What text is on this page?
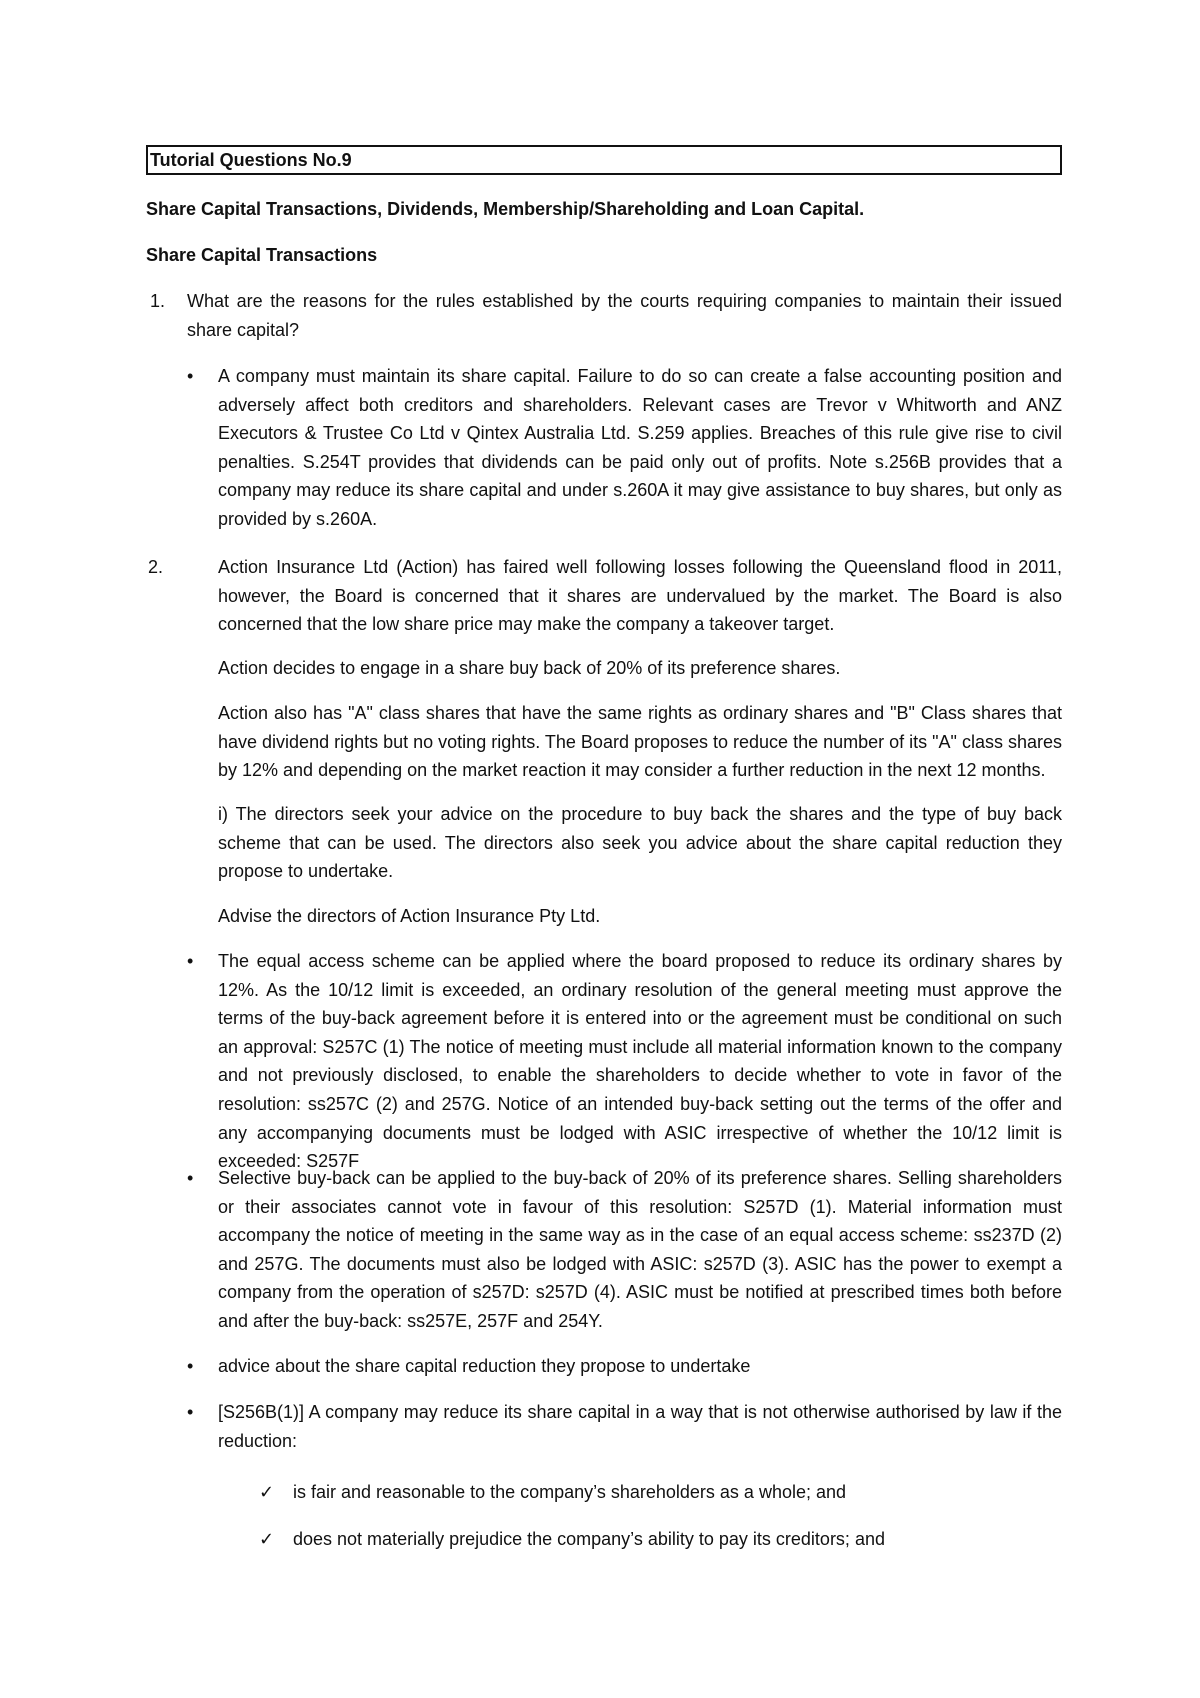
Tutorial Questions No.9
Share Capital Transactions, Dividends, Membership/Shareholding and Loan Capital.
Share Capital Transactions
1. What are the reasons for the rules established by the courts requiring companies to maintain their issued share capital?
• A company must maintain its share capital. Failure to do so can create a false accounting position and adversely affect both creditors and shareholders. Relevant cases are Trevor v Whitworth and ANZ Executors & Trustee Co Ltd v Qintex Australia Ltd. S.259 applies. Breaches of this rule give rise to civil penalties. S.254T provides that dividends can be paid only out of profits. Note s.256B provides that a company may reduce its share capital and under s.260A it may give assistance to buy shares, but only as provided by s.260A.
2.	Action Insurance Ltd (Action) has faired well following losses following the Queensland flood in 2011, however, the Board is concerned that it shares are undervalued by the market. The Board is also concerned that the low share price may make the company a takeover target.
Action decides to engage in a share buy back of 20% of its preference shares.
Action also has "A" class shares that have the same rights as ordinary shares and "B" Class shares that have dividend rights but no voting rights. The Board proposes to reduce the number of its "A" class shares by 12% and depending on the market reaction it may consider a further reduction in the next 12 months.
i) The directors seek your advice on the procedure to buy back the shares and the type of buy back scheme that can be used. The directors also seek you advice about the share capital reduction they propose to undertake.
Advise the directors of Action Insurance Pty Ltd.
• The equal access scheme can be applied where the board proposed to reduce its ordinary shares by 12%. As the 10/12 limit is exceeded, an ordinary resolution of the general meeting must approve the terms of the buy-back agreement before it is entered into or the agreement must be conditional on such an approval: S257C (1) The notice of meeting must include all material information known to the company and not previously disclosed, to enable the shareholders to decide whether to vote in favor of the resolution: ss257C (2) and 257G. Notice of an intended buy-back setting out the terms of the offer and any accompanying documents must be lodged with ASIC irrespective of whether the 10/12 limit is exceeded: S257F
• Selective buy-back can be applied to the buy-back of 20% of its preference shares. Selling shareholders or their associates cannot vote in favour of this resolution: S257D (1). Material information must accompany the notice of meeting in the same way as in the case of an equal access scheme: ss237D (2) and 257G. The documents must also be lodged with ASIC: s257D (3). ASIC has the power to exempt a company from the operation of s257D: s257D (4). ASIC must be notified at prescribed times both before and after the buy-back: ss257E, 257F and 254Y.
• advice about the share capital reduction they propose to undertake
• [S256B(1)] A company may reduce its share capital in a way that is not otherwise authorised by law if the reduction:
✓ is fair and reasonable to the company’s shareholders as a whole; and
✓ does not materially prejudice the company’s ability to pay its creditors; and
